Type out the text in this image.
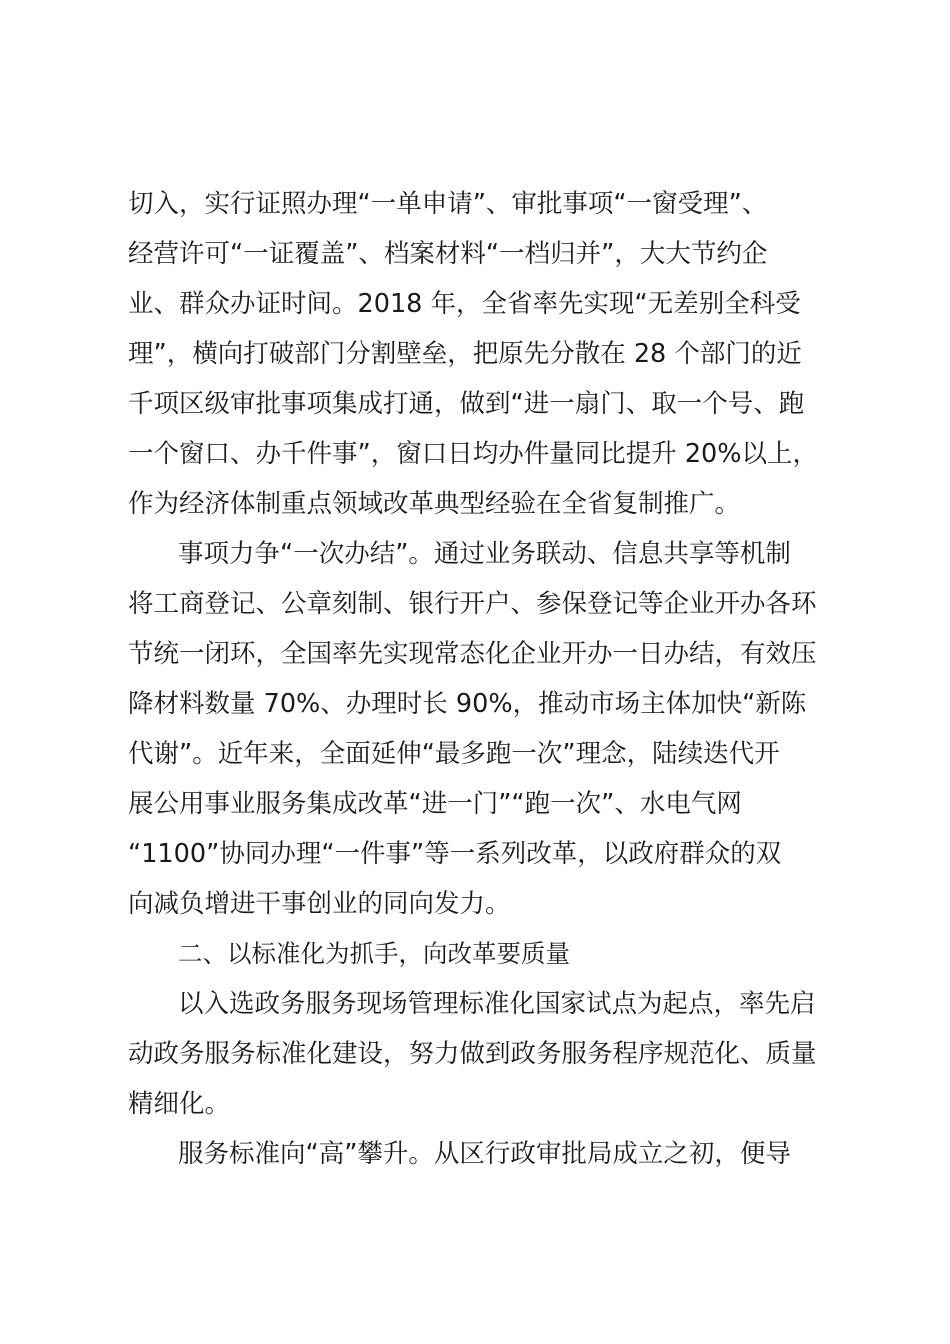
切入，实行证照办理“一单申请”、审批事项“一窗受理”、
经营许可“一证覆盖”、档案材料“一档归并”，大大节约企
业、群众办证时间。2018 年，全省率先实现“无差别全科受
理”，横向打破部门分割壁垒，把原先分散在 28 个部门的近
千项区级审批事项集成打通，做到“进一扇门、取一个号、跑
一个窗口、办千件事”，窗口日均办件量同比提升 20%以上，
作为经济体制重点领域改革典型经验在全省复制推广。
事项力争“一次办结”。通过业务联动、信息共享等机制
将工商登记、公章刻制、银行开户、参保登记等企业开办各环
节统一闭环，全国率先实现常态化企业开办一日办结，有效压
降材料数量 70%、办理时长 90%，推动市场主体加快“新陈
代谢”。近年来，全面延伸“最多跑一次”理念，陆续迭代开
展公用事业服务集成改革“进一门”“跑一次”、水电气网
“1100”协同办理“一件事”等一系列改革，以政府群众的双
向减负增进干事创业的同向发力。
二、以标准化为抓手，向改革要质量
以入选政务服务现场管理标准化国家试点为起点，率先启
动政务服务标准化建设，努力做到政务服务程序规范化、质量
精细化。
服务标准向“高”攀升。从区行政审批局成立之初，便导
